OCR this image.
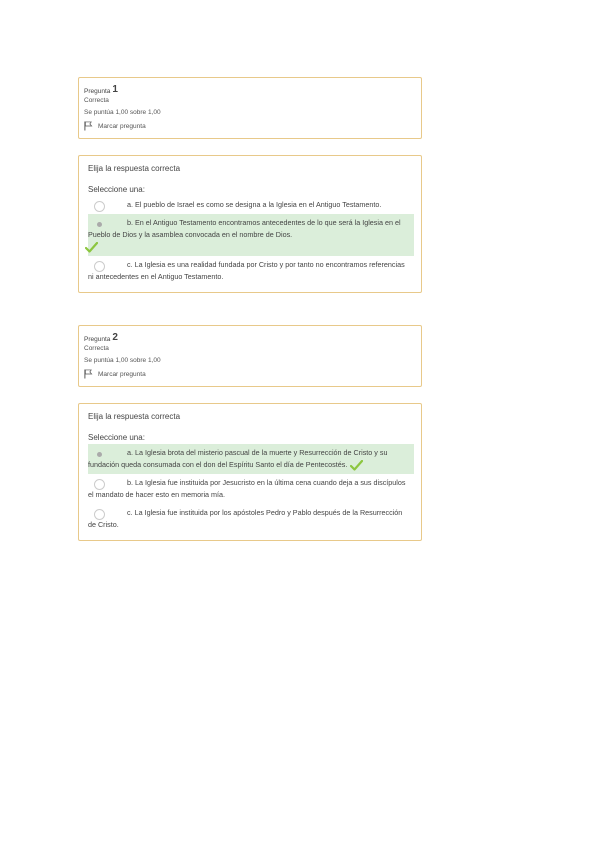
Pregunta 1
Correcta
Se puntúa 1,00 sobre 1,00
Marcar pregunta
Elija la respuesta correcta
Seleccione una:
a. El pueblo de Israel es como se designa a la Iglesia en el Antiguo Testamento.
b. En el Antiguo Testamento encontramos antecedentes de lo que será la Iglesia en el Pueblo de Dios y la asamblea convocada en el nombre de Dios.

c. La Iglesia es una realidad fundada por Cristo y por tanto no encontramos referencias ni antecedentes en el Antiguo Testamento.
Pregunta 2
Correcta
Se puntúa 1,00 sobre 1,00
Marcar pregunta
Elija la respuesta correcta
Seleccione una:
a. La Iglesia brota del misterio pascual de la muerte y Resurrección de Cristo y su fundación queda consumada con el don del Espíritu Santo el día de Pentecostés.
b. La Iglesia fue instituida por Jesucristo en la última cena cuando deja a sus discípulos el mandato de hacer esto en memoria mía.
c. La Iglesia fue instituida por los apóstoles Pedro y Pablo después de la Resurrección de Cristo.
